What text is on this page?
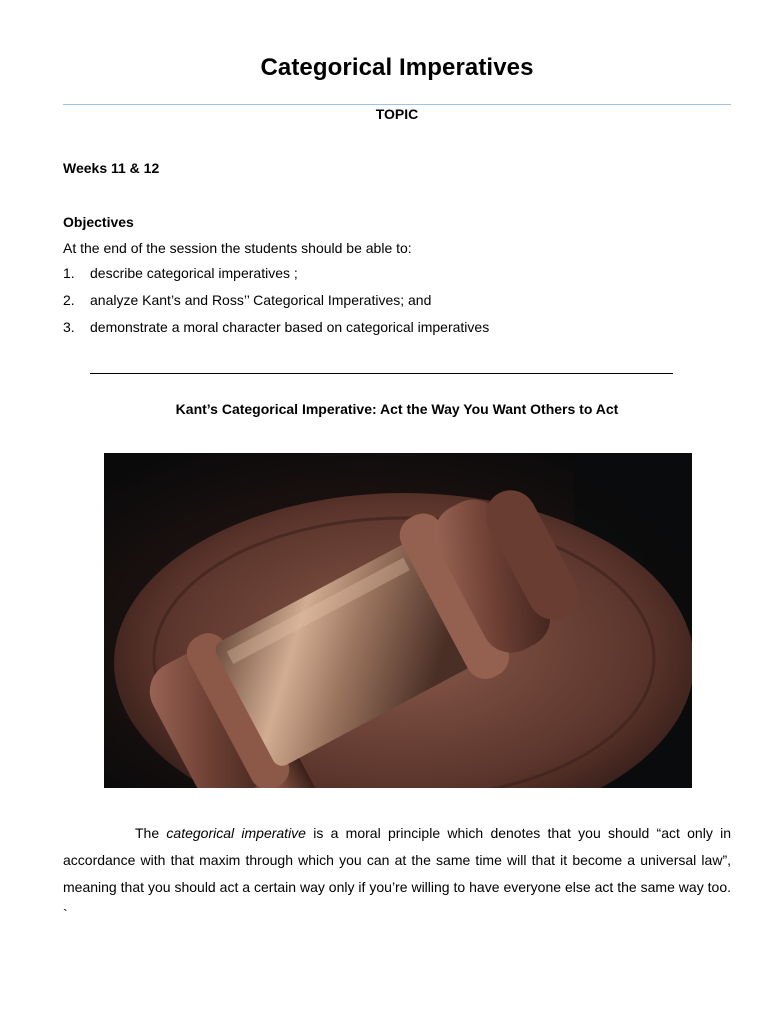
Categorical Imperatives
TOPIC
Weeks 11 & 12
Objectives
At the end of the session the students should be able to:
1. describe categorical imperatives ;
2. analyze Kant’s and Ross’’ Categorical Imperatives; and
3. demonstrate a moral character based on categorical imperatives
Kant’s Categorical Imperative: Act the Way You Want Others to Act

The categorical imperative is a moral principle which denotes that you should “act only in accordance with that maxim through which you can at the same time will that it become a universal law”, meaning that you should act a certain way only if you’re willing to have everyone else act the same way too. `
